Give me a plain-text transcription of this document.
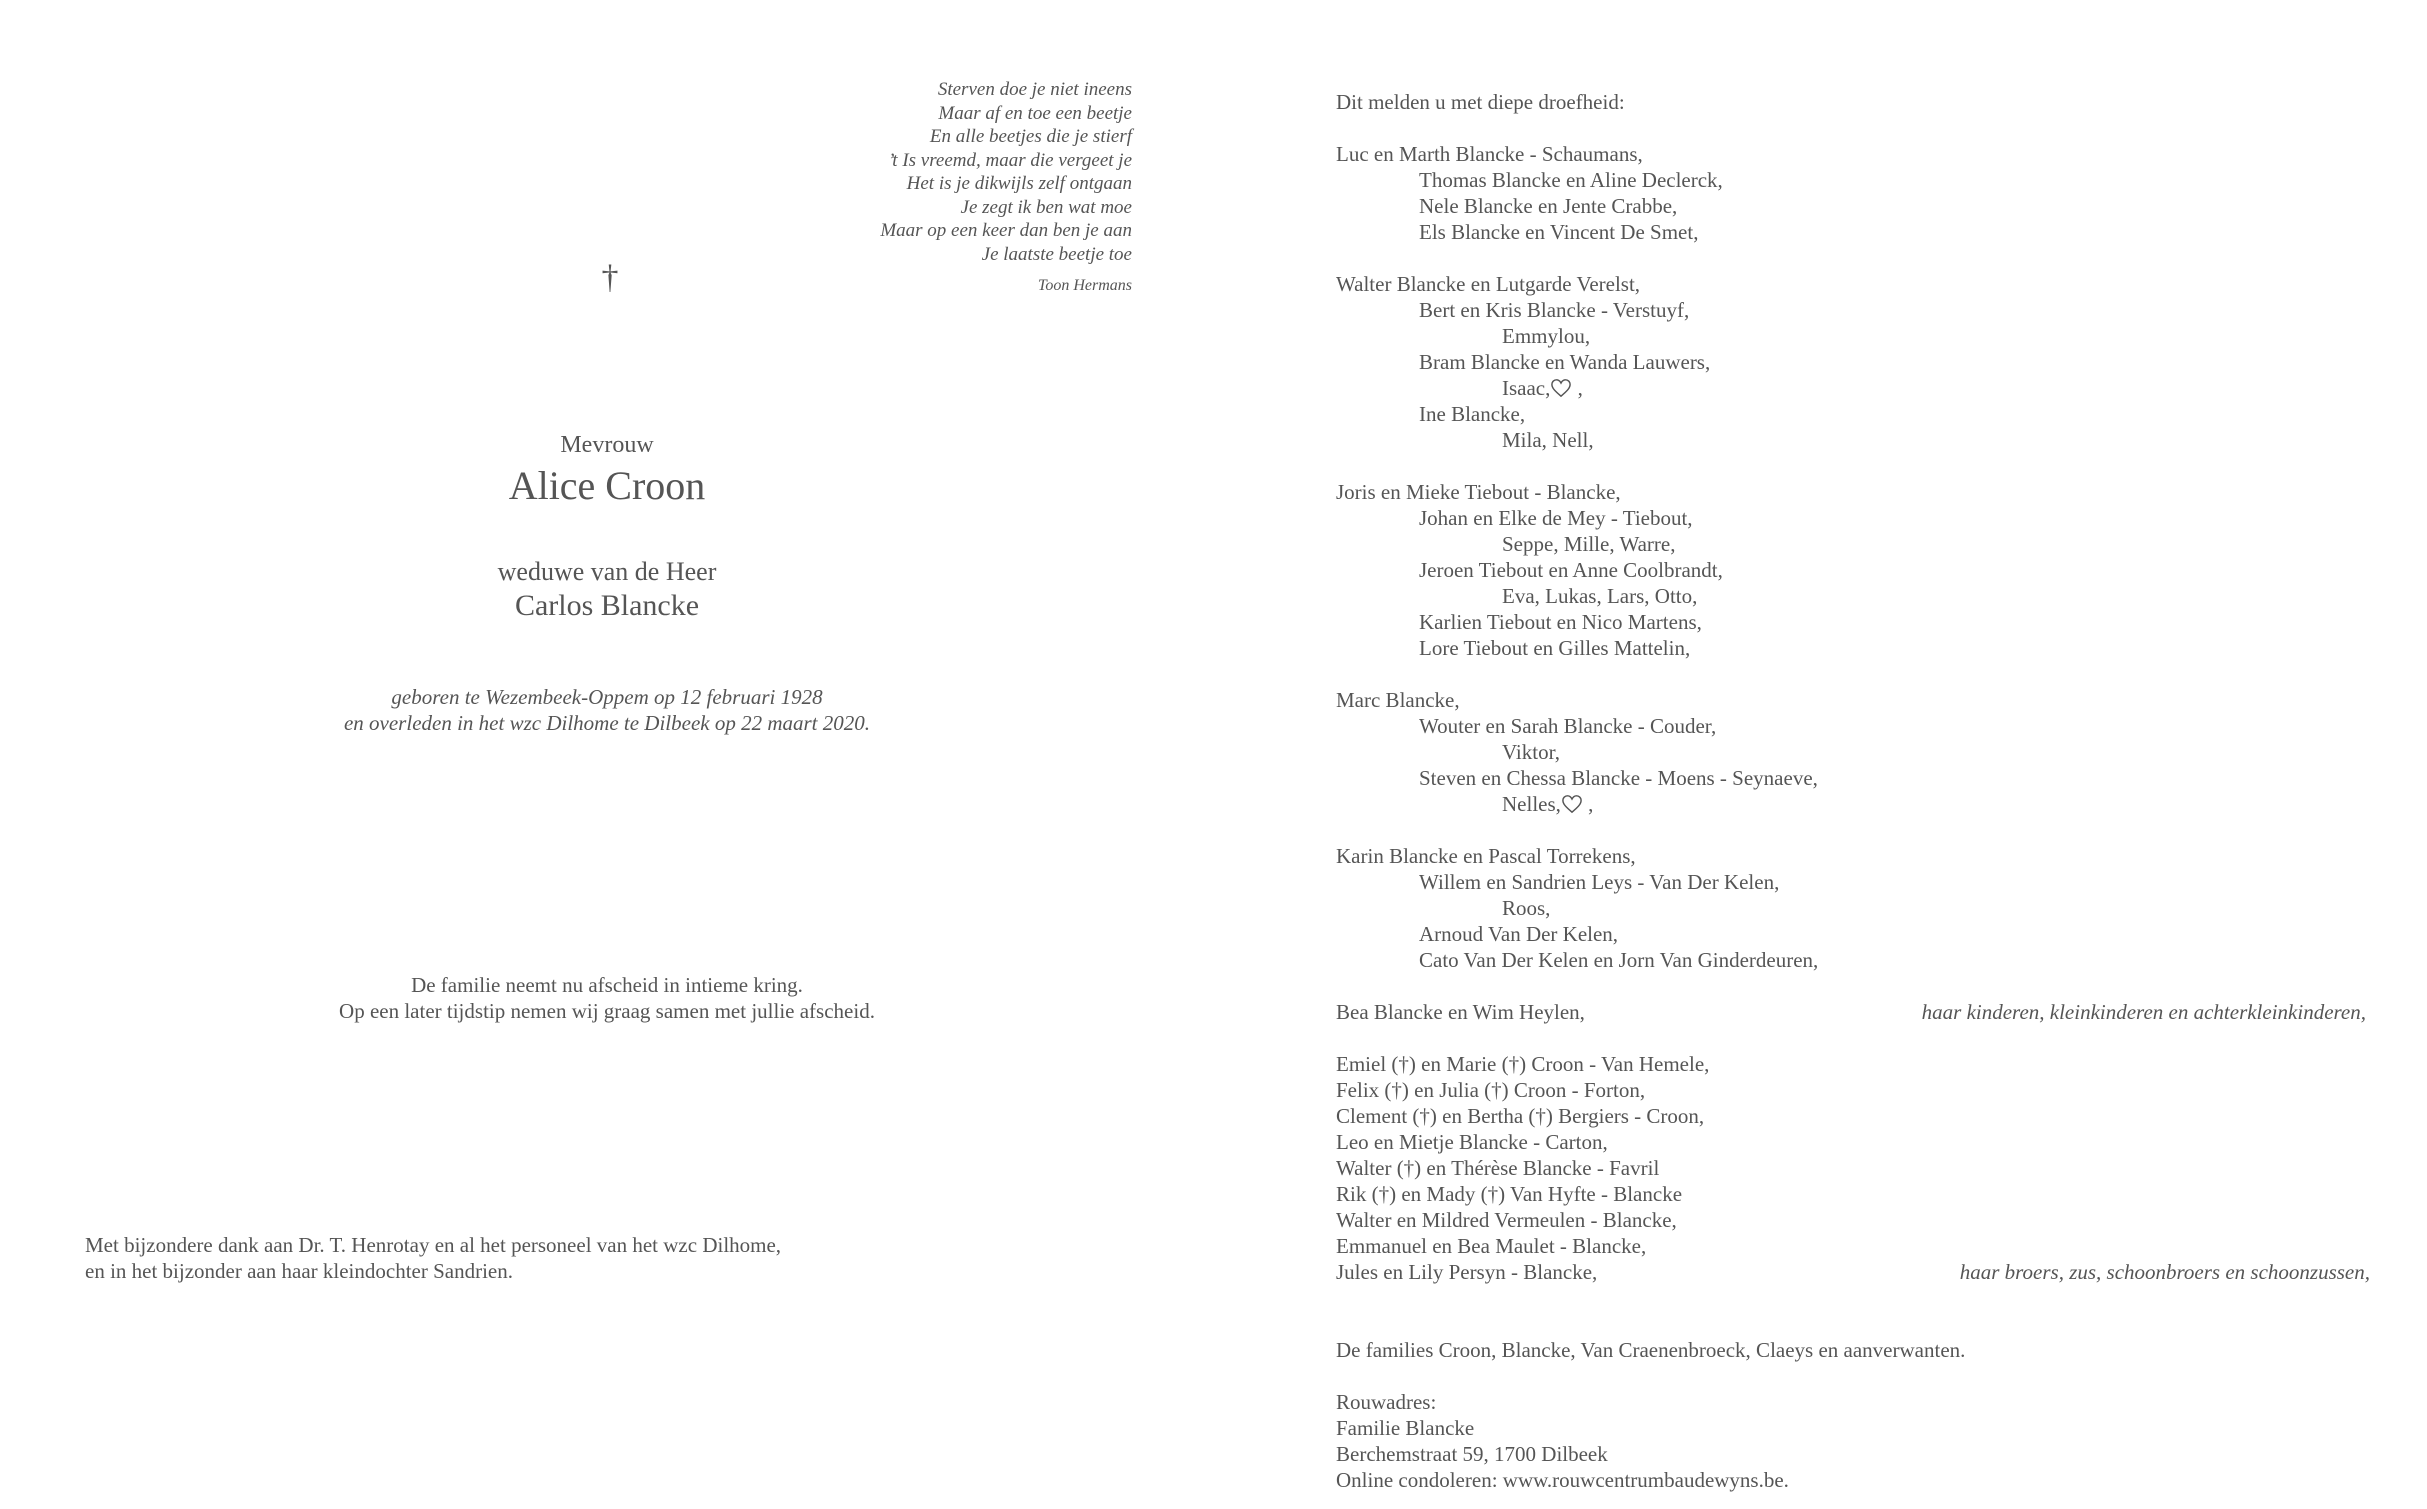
Sterven doe je niet ineens
Maar af en toe een beetje
En alle beetjes die je stierf
’t Is vreemd, maar die vergeet je
Het is je dikwijls zelf ontgaan
Je zegt ik ben wat moe
Maar op een keer dan ben je aan
Je laatste beetje toe
Toon Hermans
†
Mevrouw
Alice Croon
weduwe van de Heer
Carlos Blancke
geboren te Wezembeek-Oppem op 12 februari 1928
en overleden in het wzc Dilhome te Dilbeek op 22 maart 2020.
De familie neemt nu afscheid in intieme kring.
Op een later tijdstip nemen wij graag samen met jullie afscheid.
Met bijzondere dank aan Dr. T. Henrotay en al het personeel van het wzc Dilhome,
en in het bijzonder aan haar kleindochter Sandrien.
Dit melden u met diepe droefheid:
Luc en Marth Blancke - Schaumans,
Thomas Blancke en Aline Declerck,
Nele Blancke en Jente Crabbe,
Els Blancke en Vincent De Smet,
Walter Blancke en Lutgarde Verelst,
Bert en Kris Blancke - Verstuyf,
Emmylou,
Bram Blancke en Wanda Lauwers,
Isaac,
,
Ine Blancke,
Mila, Nell,
Joris en Mieke Tiebout - Blancke,
Johan en Elke de Mey - Tiebout,
Seppe, Mille, Warre,
Jeroen Tiebout en Anne Coolbrandt,
Eva, Lukas, Lars, Otto,
Karlien Tiebout en Nico Martens,
Lore Tiebout en Gilles Mattelin,
Marc Blancke,
Wouter en Sarah Blancke - Couder,
Viktor,
Steven en Chessa Blancke - Moens - Seynaeve,
Nelles,
,
Karin Blancke en Pascal Torrekens,
Willem en Sandrien Leys - Van Der Kelen,
Roos,
Arnoud Van Der Kelen,
Cato Van Der Kelen en Jorn Van Ginderdeuren,
Bea Blancke en Wim Heylen,	haar kinderen, kleinkinderen en achterkleinkinderen,
Emiel (†) en Marie (†) Croon - Van Hemele,
Felix (†) en Julia (†) Croon - Forton,
Clement (†) en Bertha (†) Bergiers - Croon,
Leo en Mietje Blancke - Carton,
Walter (†) en Thérèse Blancke - Favril
Rik (†) en Mady (†) Van Hyfte - Blancke
Walter en Mildred Vermeulen - Blancke,
Emmanuel en Bea Maulet - Blancke,
Jules en Lily Persyn - Blancke,	haar broers, zus, schoonbroers en schoonzussen,
De families Croon, Blancke, Van Craenenbroeck, Claeys en aanverwanten.
Rouwadres:
Familie Blancke
Berchemstraat 59, 1700 Dilbeek
Online condoleren: www.rouwcentrumbaudewyns.be.
